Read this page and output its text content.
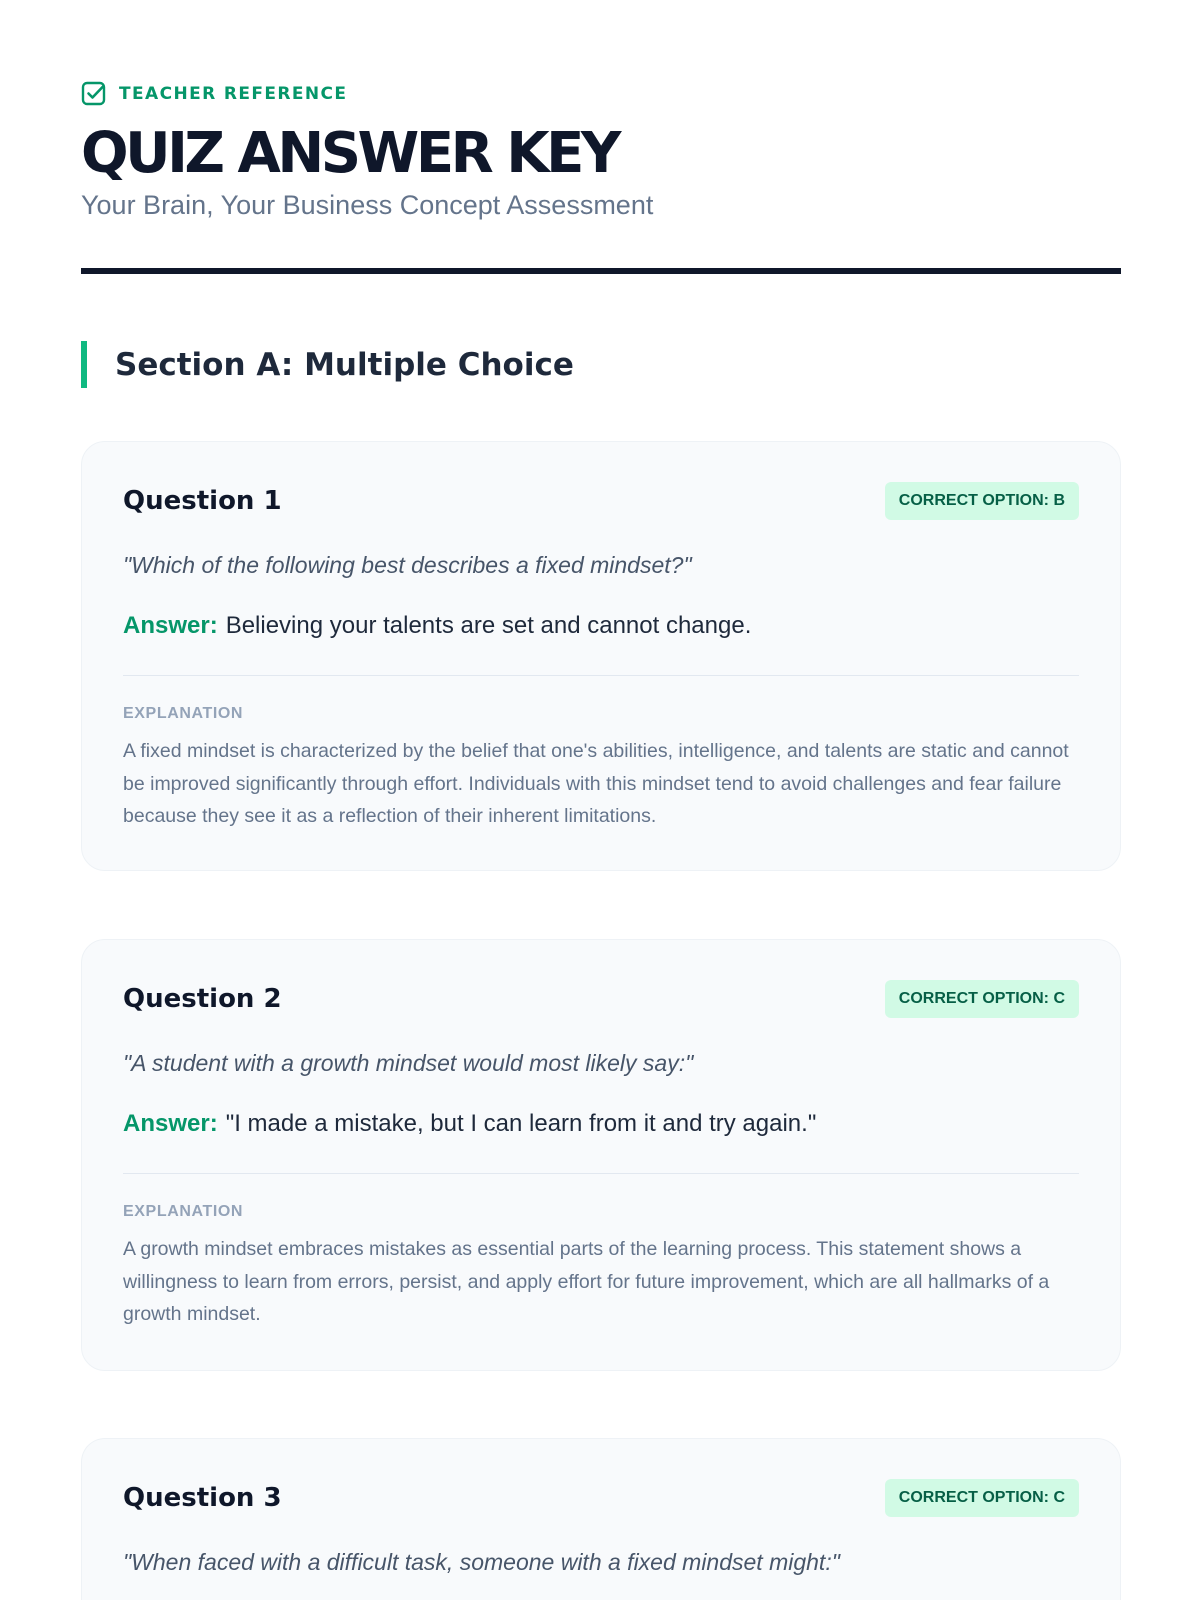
TEACHER REFERENCE
QUIZ ANSWER KEY
Your Brain, Your Business Concept Assessment
Section A: Multiple Choice
Question 1	CORRECT OPTION: B
"Which of the following best describes a fixed mindset?"
Answer: Believing your talents are set and cannot change.
EXPLANATION

A fixed mindset is characterized by the belief that one's abilities, intelligence, and talents are static and cannot be improved significantly through effort. Individuals with this mindset tend to avoid challenges and fear failure because they see it as a reflection of their inherent limitations.

Question 2	CORRECT OPTION: C
"A student with a growth mindset would most likely say:"
Answer: "I made a mistake, but I can learn from it and try again."
EXPLANATION

A growth mindset embraces mistakes as essential parts of the learning process. This statement shows a willingness to learn from errors, persist, and apply effort for future improvement, which are all hallmarks of a growth mindset.

Question 3	CORRECT OPTION: C
"When faced with a difficult task, someone with a fixed mindset might:"
